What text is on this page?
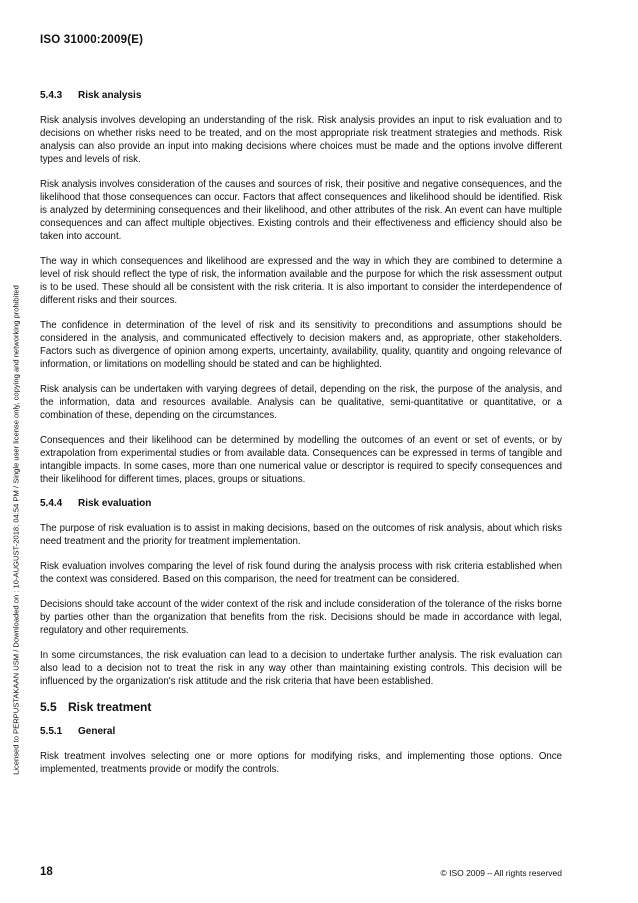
ISO 31000:2009(E)
Licensed to PERPUSTAKAAN USM / Downloaded on : 10-AUGUST-2018; 04:54 PM / Single user license only, copying and networking prohibited
5.4.3 Risk analysis

Risk analysis involves developing an understanding of the risk. Risk analysis provides an input to risk evaluation and to decisions on whether risks need to be treated, and on the most appropriate risk treatment strategies and methods. Risk analysis can also provide an input into making decisions where choices must be made and the options involve different types and levels of risk.

Risk analysis involves consideration of the causes and sources of risk, their positive and negative consequences, and the likelihood that those consequences can occur. Factors that affect consequences and likelihood should be identified. Risk is analyzed by determining consequences and their likelihood, and other attributes of the risk. An event can have multiple consequences and can affect multiple objectives. Existing controls and their effectiveness and efficiency should also be taken into account.

The way in which consequences and likelihood are expressed and the way in which they are combined to determine a level of risk should reflect the type of risk, the information available and the purpose for which the risk assessment output is to be used. These should all be consistent with the risk criteria. It is also important to consider the interdependence of different risks and their sources.

The confidence in determination of the level of risk and its sensitivity to preconditions and assumptions should be considered in the analysis, and communicated effectively to decision makers and, as appropriate, other stakeholders. Factors such as divergence of opinion among experts, uncertainty, availability, quality, quantity and ongoing relevance of information, or limitations on modelling should be stated and can be highlighted.

Risk analysis can be undertaken with varying degrees of detail, depending on the risk, the purpose of the analysis, and the information, data and resources available. Analysis can be qualitative, semi-quantitative or quantitative, or a combination of these, depending on the circumstances.

Consequences and their likelihood can be determined by modelling the outcomes of an event or set of events, or by extrapolation from experimental studies or from available data. Consequences can be expressed in terms of tangible and intangible impacts. In some cases, more than one numerical value or descriptor is required to specify consequences and their likelihood for different times, places, groups or situations.

5.4.4 Risk evaluation

The purpose of risk evaluation is to assist in making decisions, based on the outcomes of risk analysis, about which risks need treatment and the priority for treatment implementation.

Risk evaluation involves comparing the level of risk found during the analysis process with risk criteria established when the context was considered. Based on this comparison, the need for treatment can be considered.

Decisions should take account of the wider context of the risk and include consideration of the tolerance of the risks borne by parties other than the organization that benefits from the risk. Decisions should be made in accordance with legal, regulatory and other requirements.

In some circumstances, the risk evaluation can lead to a decision to undertake further analysis. The risk evaluation can also lead to a decision not to treat the risk in any way other than maintaining existing controls. This decision will be influenced by the organization's risk attitude and the risk criteria that have been established.

5.5 Risk treatment
5.5.1 General

Risk treatment involves selecting one or more options for modifying risks, and implementing those options. Once implemented, treatments provide or modify the controls.

18	© ISO 2009 – All rights reserved
